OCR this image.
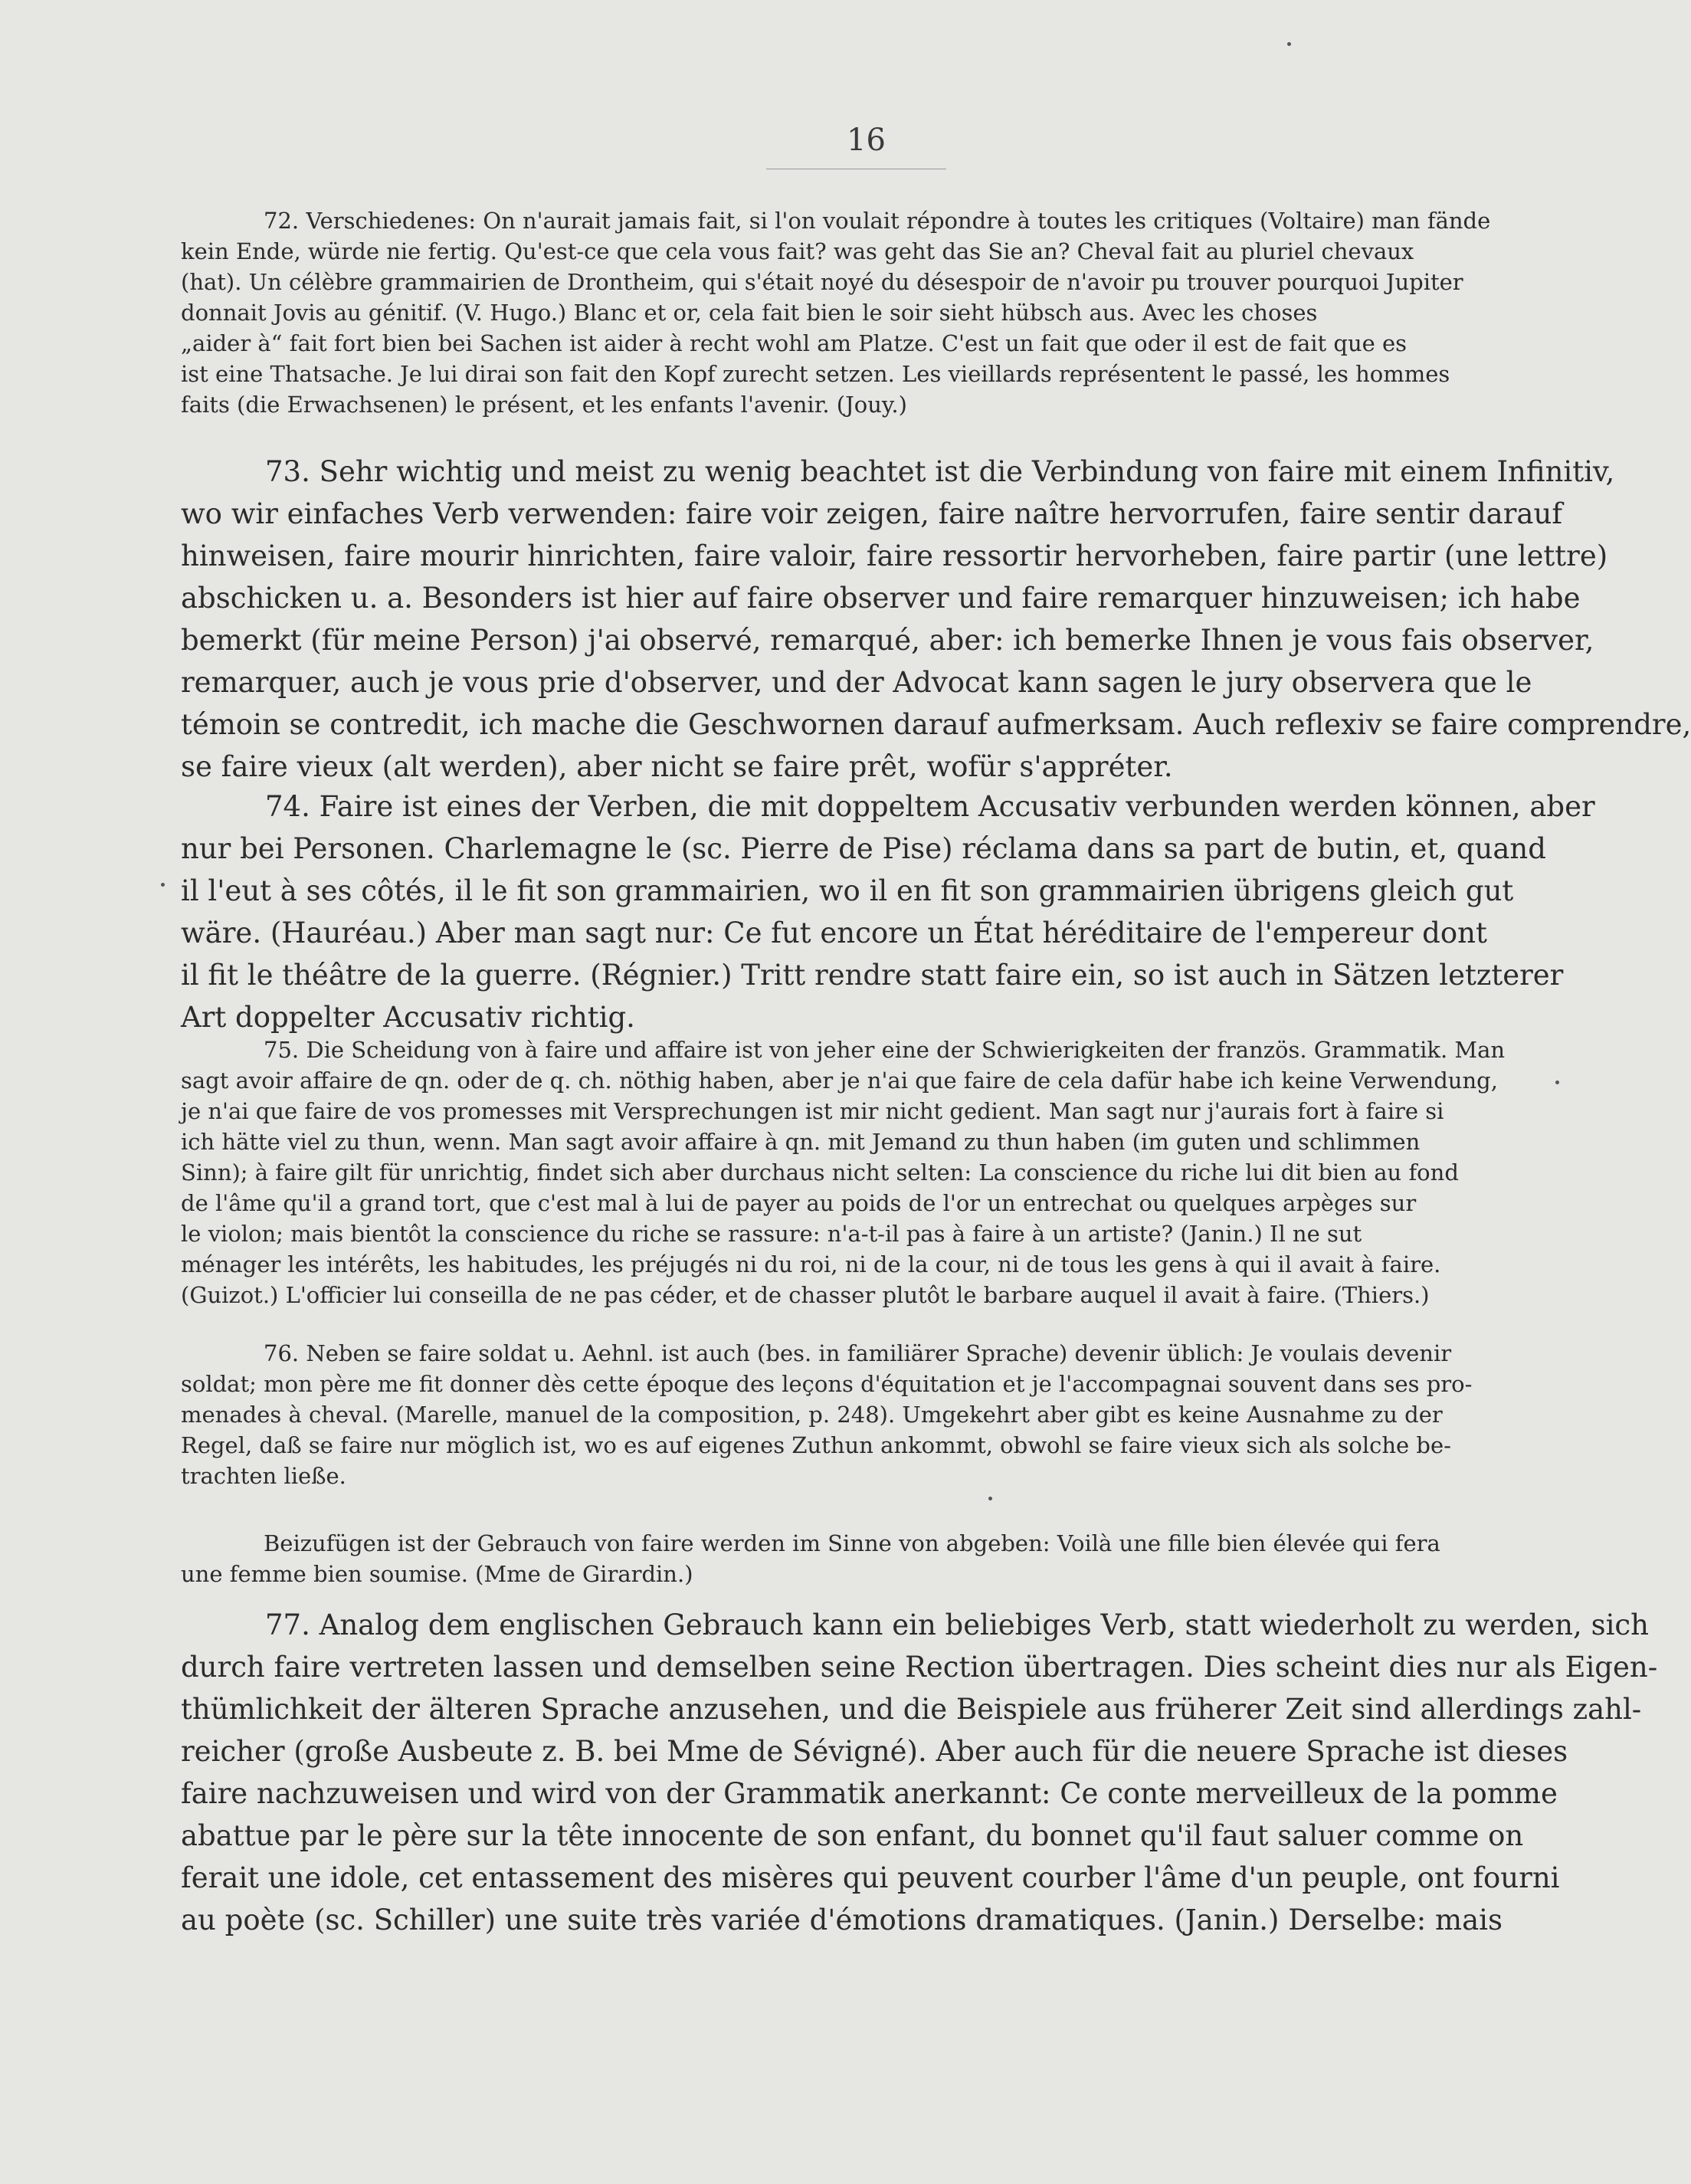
16
72. Verschiedenes: On n'aurait jamais fait, si l'on voulait répondre à toutes les critiques (Voltaire) man fände
kein Ende, würde nie fertig. Qu'est-ce que cela vous fait? was geht das Sie an? Cheval fait au pluriel chevaux
(hat). Un célèbre grammairien de Drontheim, qui s'était noyé du désespoir de n'avoir pu trouver pourquoi Jupiter
donnait Jovis au génitif. (V. Hugo.) Blanc et or, cela fait bien le soir sieht hübsch aus. Avec les choses
„aider à“ fait fort bien bei Sachen ist aider à recht wohl am Platze. C'est un fait que oder il est de fait que es
ist eine Thatsache. Je lui dirai son fait den Kopf zurecht setzen. Les vieillards représentent le passé, les hommes
faits (die Erwachsenen) le présent, et les enfants l'avenir. (Jouy.)
73. Sehr wichtig und meist zu wenig beachtet ist die Verbindung von faire mit einem Infinitiv,
wo wir einfaches Verb verwenden: faire voir zeigen, faire naître hervorrufen, faire sentir darauf
hinweisen, faire mourir hinrichten, faire valoir, faire ressortir hervorheben, faire partir (une lettre)
abschicken u. a. Besonders ist hier auf faire observer und faire remarquer hinzuweisen; ich habe
bemerkt (für meine Person) j'ai observé, remarqué, aber: ich bemerke Ihnen je vous fais observer,
remarquer, auch je vous prie d'observer, und der Advocat kann sagen le jury observera que le
témoin se contredit, ich mache die Geschwornen darauf aufmerksam. Auch reflexiv se faire comprendre,
se faire vieux (alt werden), aber nicht se faire prêt, wofür s'appréter.
74. Faire ist eines der Verben, die mit doppeltem Accusativ verbunden werden können, aber
nur bei Personen. Charlemagne le (sc. Pierre de Pise) réclama dans sa part de butin, et, quand
il l'eut à ses côtés, il le fit son grammairien, wo il en fit son grammairien übrigens gleich gut
wäre. (Hauréau.) Aber man sagt nur: Ce fut encore un État héréditaire de l'empereur dont
il fit le théâtre de la guerre. (Régnier.) Tritt rendre statt faire ein, so ist auch in Sätzen letzterer
Art doppelter Accusativ richtig.
75. Die Scheidung von à faire und affaire ist von jeher eine der Schwierigkeiten der französ. Grammatik. Man
sagt avoir affaire de qn. oder de q. ch. nöthig haben, aber je n'ai que faire de cela dafür habe ich keine Verwendung,
je n'ai que faire de vos promesses mit Versprechungen ist mir nicht gedient. Man sagt nur j'aurais fort à faire si
ich hätte viel zu thun, wenn. Man sagt avoir affaire à qn. mit Jemand zu thun haben (im guten und schlimmen
Sinn); à faire gilt für unrichtig, findet sich aber durchaus nicht selten: La conscience du riche lui dit bien au fond
de l'âme qu'il a grand tort, que c'est mal à lui de payer au poids de l'or un entrechat ou quelques arpèges sur
le violon; mais bientôt la conscience du riche se rassure: n'a-t-il pas à faire à un artiste? (Janin.) Il ne sut
ménager les intérêts, les habitudes, les préjugés ni du roi, ni de la cour, ni de tous les gens à qui il avait à faire.
(Guizot.) L'officier lui conseilla de ne pas céder, et de chasser plutôt le barbare auquel il avait à faire. (Thiers.)
76. Neben se faire soldat u. Aehnl. ist auch (bes. in familiärer Sprache) devenir üblich: Je voulais devenir
soldat; mon père me fit donner dès cette époque des leçons d'équitation et je l'accompagnai souvent dans ses pro-
menades à cheval. (Marelle, manuel de la composition, p. 248). Umgekehrt aber gibt es keine Ausnahme zu der
Regel, daß se faire nur möglich ist, wo es auf eigenes Zuthun ankommt, obwohl se faire vieux sich als solche be-
trachten ließe.
Beizufügen ist der Gebrauch von faire werden im Sinne von abgeben: Voilà une fille bien élevée qui fera
une femme bien soumise. (Mme de Girardin.)
77. Analog dem englischen Gebrauch kann ein beliebiges Verb, statt wiederholt zu werden, sich
durch faire vertreten lassen und demselben seine Rection übertragen. Dies scheint dies nur als Eigen-
thümlichkeit der älteren Sprache anzusehen, und die Beispiele aus früherer Zeit sind allerdings zahl-
reicher (große Ausbeute z. B. bei Mme de Sévigné). Aber auch für die neuere Sprache ist dieses
faire nachzuweisen und wird von der Grammatik anerkannt: Ce conte merveilleux de la pomme
abattue par le père sur la tête innocente de son enfant, du bonnet qu'il faut saluer comme on
ferait une idole, cet entassement des misères qui peuvent courber l'âme d'un peuple, ont fourni
au poète (sc. Schiller) une suite très variée d'émotions dramatiques. (Janin.) Derselbe: mais
